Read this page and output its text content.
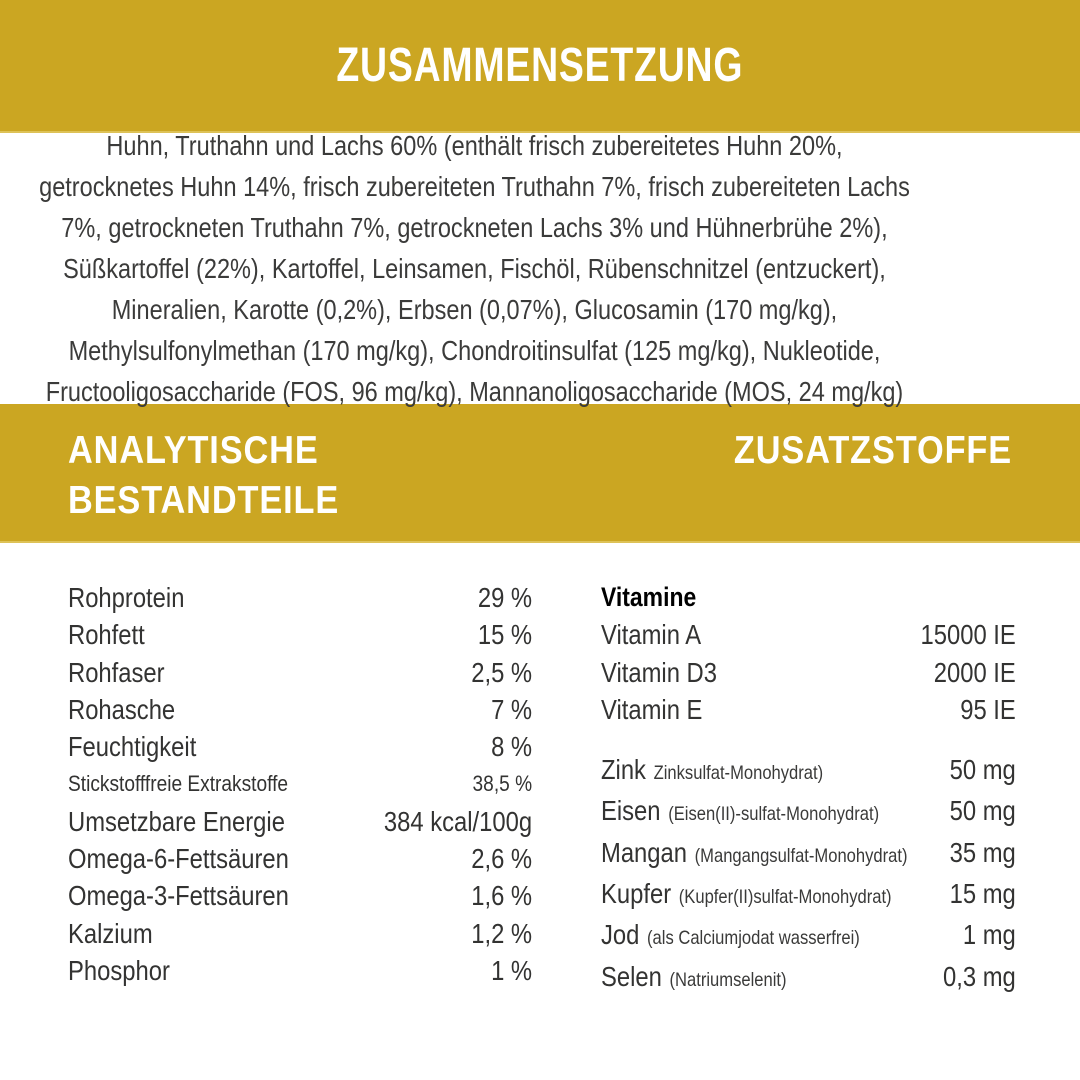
ZUSAMMENSETZUNG

Huhn, Truthahn und Lachs 60% (enthält frisch zubereitetes Huhn 20%, getrocknetes Huhn 14%, frisch zubereiteten Truthahn 7%, frisch zubereiteten Lachs 7%, getrockneten Truthahn 7%, getrockneten Lachs 3% und Hühnerbrühe 2%), Süßkartoffel (22%), Kartoffel, Leinsamen, Fischöl, Rübenschnitzel (entzuckert), Mineralien, Karotte (0,2%), Erbsen (0,07%), Glucosamin (170 mg/kg), Methylsulfonylmethan (170 mg/kg), Chondroitinsulfat (125 mg/kg), Nukleotide, Fructooligosaccharide (FOS, 96 mg/kg), Mannanoligosaccharide (MOS, 24 mg/kg)

ANALYTISCHE
BESTANDTEILE
ZUSATZSTOFFE
Rohprotein	29 %
Rohfett	15 %
Rohfaser	2,5 %
Rohasche	7 %
Feuchtigkeit	8 %
Stickstofffreie Extrakstoffe	38,5 %
Umsetzbare Energie	384 kcal/100g
Omega-6-Fettsäuren	2,6 %
Omega-3-Fettsäuren	1,6 %
Kalzium	1,2 %
Phosphor	1 %
Vitamine
Vitamin A	15000 IE
Vitamin D3	2000 IE
Vitamin E	95 IE
Zink Zinksulfat-Monohydrat)	50 mg
Eisen (Eisen(II)-sulfat-Monohydrat)	50 mg
Mangan (Mangangsulfat-Monohydrat) 35 mg
Kupfer (Kupfer(II)sulfat-Monohydrat) 15 mg
Jod (als Calciumjodat wasserfrei)	1 mg
Selen (Natriumselenit)	0,3 mg
